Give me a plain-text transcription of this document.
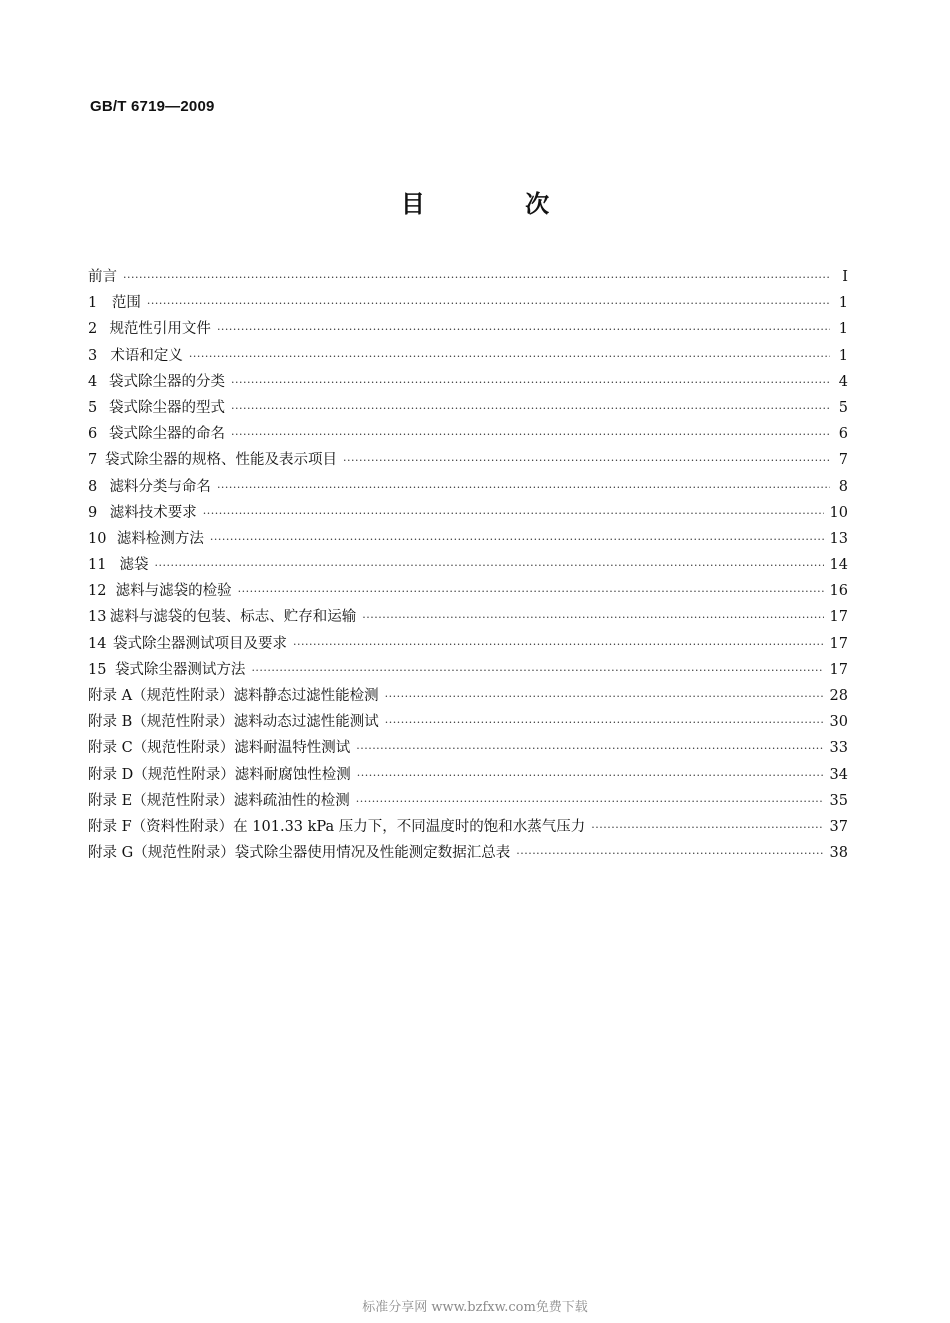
GB/T 6719—2009
目 次
前言 ·····	I
1	范围 ·····	1
2 规范性引用文件 ·····	1
3 术语和定义 ·····	1
4 袋式除尘器的分类 ·····	4
5 袋式除尘器的型式 ·····	5
6 袋式除尘器的命名 ·····	6
7 袋式除尘器的规格、性能及表示项目 ·····	7
8 滤料分类与命名 ·····	8
9 滤料技术要求 ·····	10
10 滤料检测方法 ·····	13
11 滤袋 ·····	14
12 滤料与滤袋的检验 ·····	16
13 滤料与滤袋的包装、标志、贮存和运输 ·····	17
14 袋式除尘器测试项目及要求 ·····	17
15 袋式除尘器测试方法 ·····	17
附录 A（规范性附录） 滤料静态过滤性能检测 ·····	28
附录 B（规范性附录） 滤料动态过滤性能测试 ·····	30
附录 C（规范性附录） 滤料耐温特性测试 ·····	33
附录 D（规范性附录） 滤料耐腐蚀性检测 ·····	34
附录 E（规范性附录） 滤料疏油性的检测 ·····	35
附录 F（资料性附录） 在 101.33 kPa 压力下，不同温度时的饱和水蒸气压力 ·····	37
附录 G（规范性附录） 袋式除尘器使用情况及性能测定数据汇总表 ·····	38
标准分享网 www.bzfxw.com免费下载
